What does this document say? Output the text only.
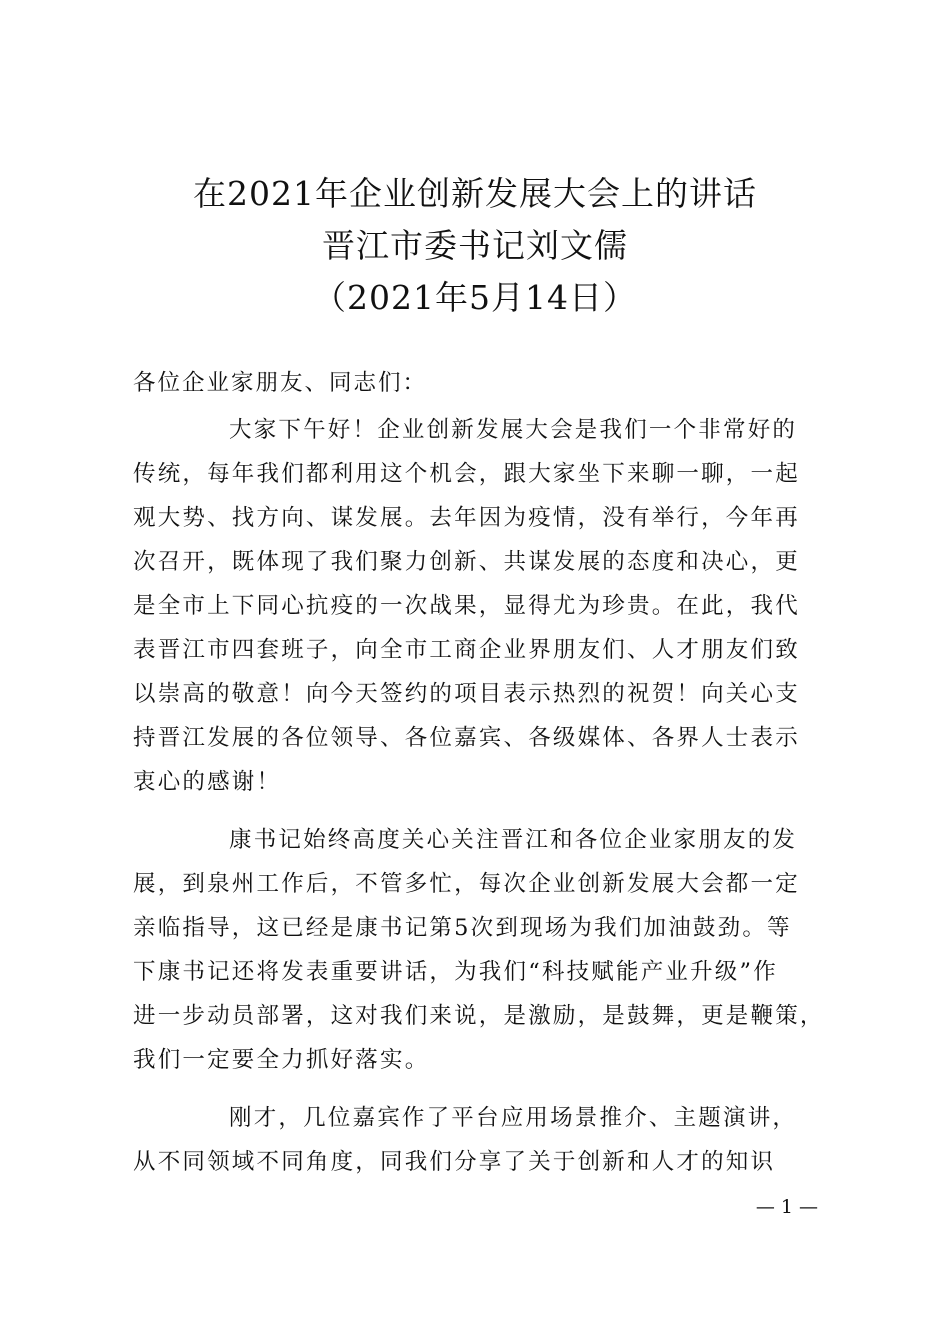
在2021年企业创新发展大会上的讲话
晋江市委书记刘文儒
（2021年5月14日）
各位企业家朋友、同志们：
大家下午好！企业创新发展大会是我们一个非常好的
传统，每年我们都利用这个机会，跟大家坐下来聊一聊，一起
观大势、找方向、谋发展。去年因为疫情，没有举行，今年再
次召开，既体现了我们聚力创新、共谋发展的态度和决心，更
是全市上下同心抗疫的一次战果，显得尤为珍贵。在此，我代
表晋江市四套班子，向全市工商企业界朋友们、人才朋友们致
以崇高的敬意！向今天签约的项目表示热烈的祝贺！向关心支
持晋江发展的各位领导、各位嘉宾、各级媒体、各界人士表示
衷心的感谢！
康书记始终高度关心关注晋江和各位企业家朋友的发
展，到泉州工作后，不管多忙，每次企业创新发展大会都一定
亲临指导，这已经是康书记第5次到现场为我们加油鼓劲。等
下康书记还将发表重要讲话，为我们“科技赋能产业升级”作
进一步动员部署，这对我们来说，是激励，是鼓舞，更是鞭策，
我们一定要全力抓好落实。
刚才，几位嘉宾作了平台应用场景推介、主题演讲，
从不同领域不同角度，同我们分享了关于创新和人才的知识
— 1 —
